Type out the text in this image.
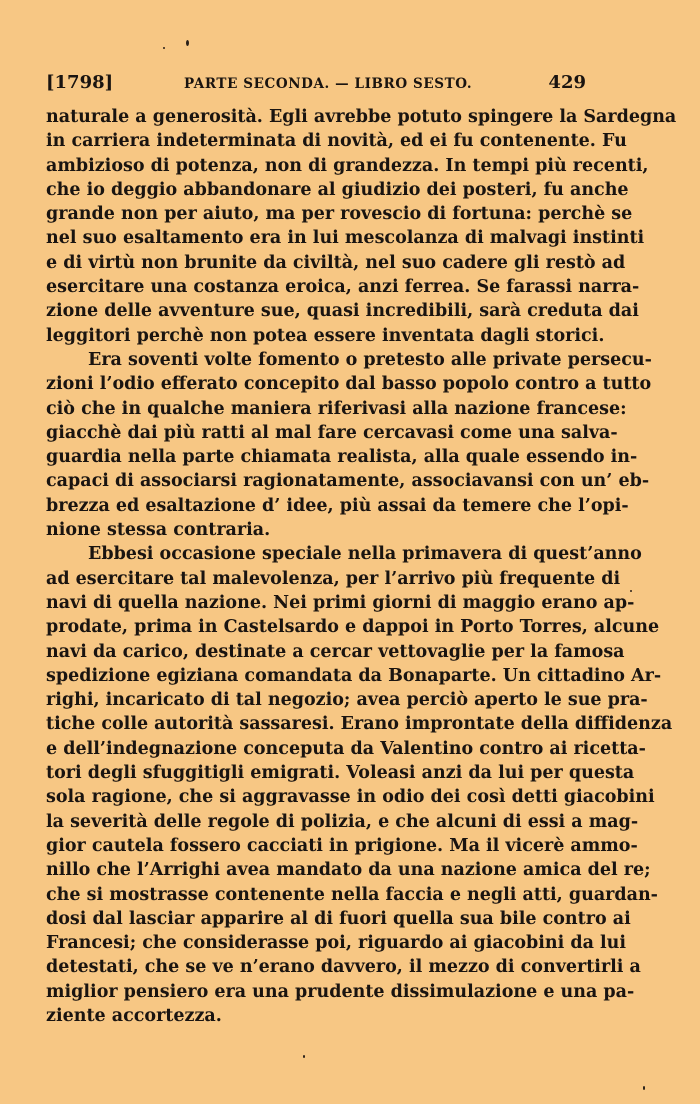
[1798]	PARTE SECONDA. — LIBRO SESTO.	429
naturale a generosità. Egli avrebbe potuto spingere la Sardegna
in carriera indeterminata di novità, ed ei fu contenente. Fu
ambizioso di potenza, non di grandezza. In tempi più recenti,
che io deggio abbandonare al giudizio dei posteri, fu anche
grande non per aiuto, ma per rovescio di fortuna: perchè se
nel suo esaltamento era in lui mescolanza di malvagi instinti
e di virtù non brunite da civiltà, nel suo cadere gli restò ad
esercitare una costanza eroica, anzi ferrea. Se farassi narra-
zione delle avventure sue, quasi incredibili, sarà creduta dai
leggitori perchè non potea essere inventata dagli storici.
Era soventi volte fomento o pretesto alle private persecu-
zioni l’odio efferato concepito dal basso popolo contro a tutto
ciò che in qualche maniera riferivasi alla nazione francese:
giacchè dai più ratti al mal fare cercavasi come una salva-
guardia nella parte chiamata realista, alla quale essendo in-
capaci di associarsi ragionatamente, associavansi con un’ eb-
brezza ed esaltazione d’ idee, più assai da temere che l’opi-
nione stessa contraria.
Ebbesi occasione speciale nella primavera di quest’anno
ad esercitare tal malevolenza, per l’arrivo più frequente di
navi di quella nazione. Nei primi giorni di maggio erano ap-
prodate, prima in Castelsardo e dappoi in Porto Torres, alcune
navi da carico, destinate a cercar vettovaglie per la famosa
spedizione egiziana comandata da Bonaparte. Un cittadino Ar-
righi, incaricato di tal negozio; avea perciò aperto le sue pra-
tiche colle autorità sassaresi. Erano improntate della diffidenza
e dell’indegnazione conceputa da Valentino contro ai ricetta-
tori degli sfuggitigli emigrati. Voleasi anzi da lui per questa
sola ragione, che si aggravasse in odio dei così detti giacobini
la severità delle regole di polizia, e che alcuni di essi a mag-
gior cautela fossero cacciati in prigione. Ma il vicerè ammo-
nillo che l’Arrighi avea mandato da una nazione amica del re;
che si mostrasse contenente nella faccia e negli atti, guardan-
dosi dal lasciar apparire al di fuori quella sua bile contro ai
Francesi; che considerasse poi, riguardo ai giacobini da lui
detestati, che se ve n’erano davvero, il mezzo di convertirli a
miglior pensiero era una prudente dissimulazione e una pa-
ziente accortezza.
